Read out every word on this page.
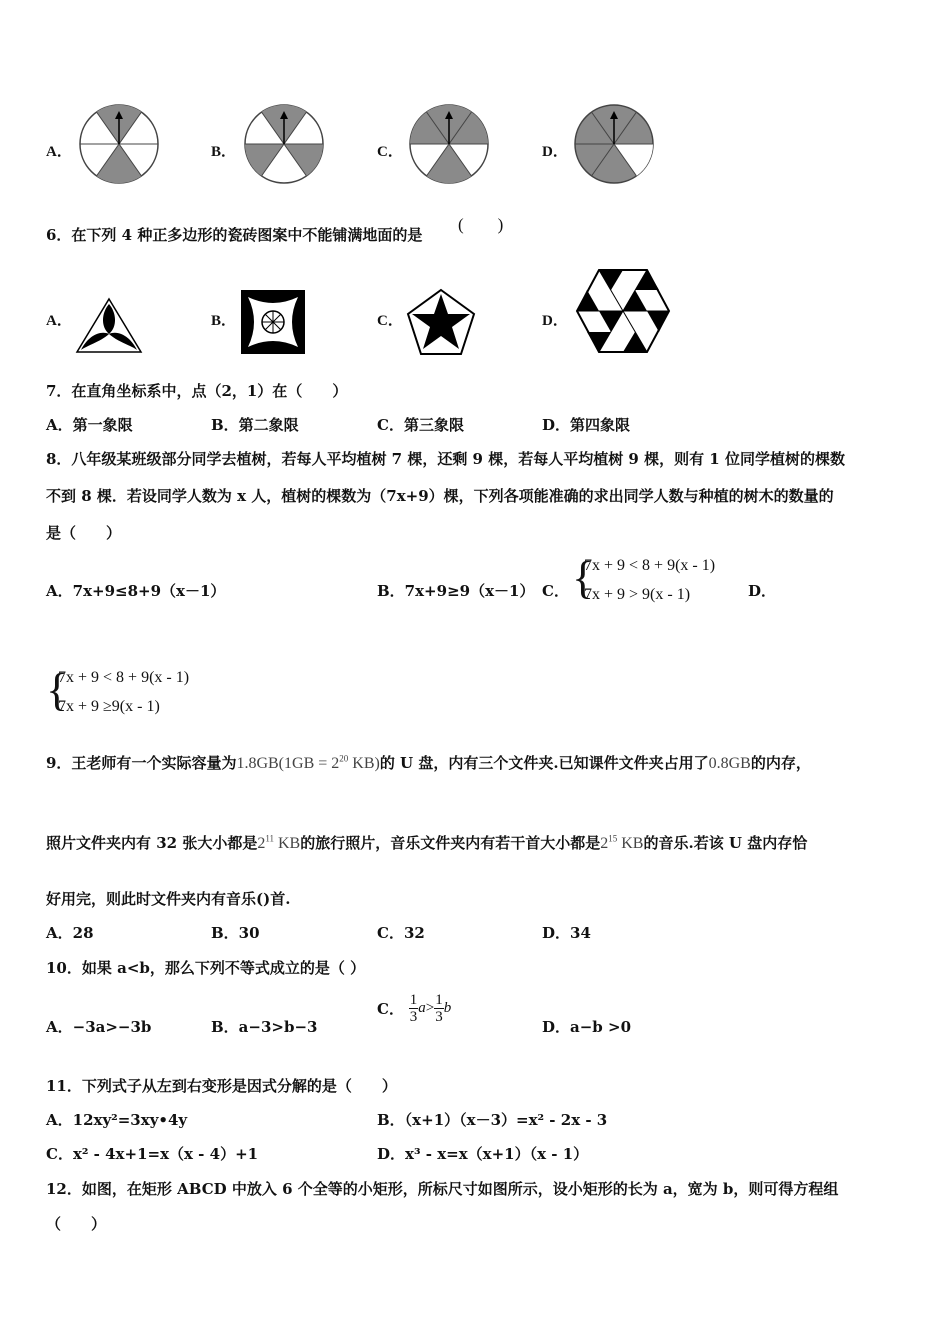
A．	B．	C．	D．
6．在下列 4 种正多边形的瓷砖图案中不能铺满地面的是
(　　)
A．	B．	C．	D．
7．在直角坐标系中，点（2，1）在（　　）
A．第一象限	B．第二象限	C．第三象限	D．第四象限
8．八年级某班级部分同学去植树，若每人平均植树 7 棵，还剩 9 棵，若每人平均植树 9 棵，则有 1 位同学植树的棵数
不到 8 棵．若设同学人数为 x 人，植树的棵数为（7x+9）棵，下列各项能准确的求出同学人数与种植的树木的数量的
是（　　）
A．7x+9≤8+9（x－1）	B．7x+9≥9（x－1） C． {
7x + 9 < 8 + 9(x - 1)
7x + 9 > 9(x - 1)	D．
{
7x + 9 < 8 + 9(x - 1)
7x + 9 ≥9(x - 1)
9．王老师有一个实际容量为$1.8GB(1GB = 2^{20}$ KB)的 U 盘，内有三个文件夹.已知课件文件夹占用了0.8GB的内存，
照片文件夹内有 32 张大小都是$2^{11}$ KB的旅行照片，音乐文件夹内有若干首大小都是$2^{15}$ KB的音乐.若该 U 盘内存恰
好用完，则此时文件夹内有音乐()首.
A．28	B．30	C．32	D．34
10．如果 a<b，那么下列不等式成立的是（ ）
A．−3a>−3b	B．a−3>b−3
C． $\frac{1}{3} a> \frac{1}{3}$ b
D．a−b >0
11．下列式子从左到右变形是因式分解的是（　　）
A．12xy²=3xy•4y	B．（x+1）（x－3）=x² - 2x - 3
C．x² - 4x+1=x（x - 4）+1	D．x³ - x=x（x+1）（x - 1）
12．如图，在矩形 ABCD 中放入 6 个全等的小矩形，所标尺寸如图所示，设小矩形的长为 a，宽为 b，则可得方程组
（　　）
